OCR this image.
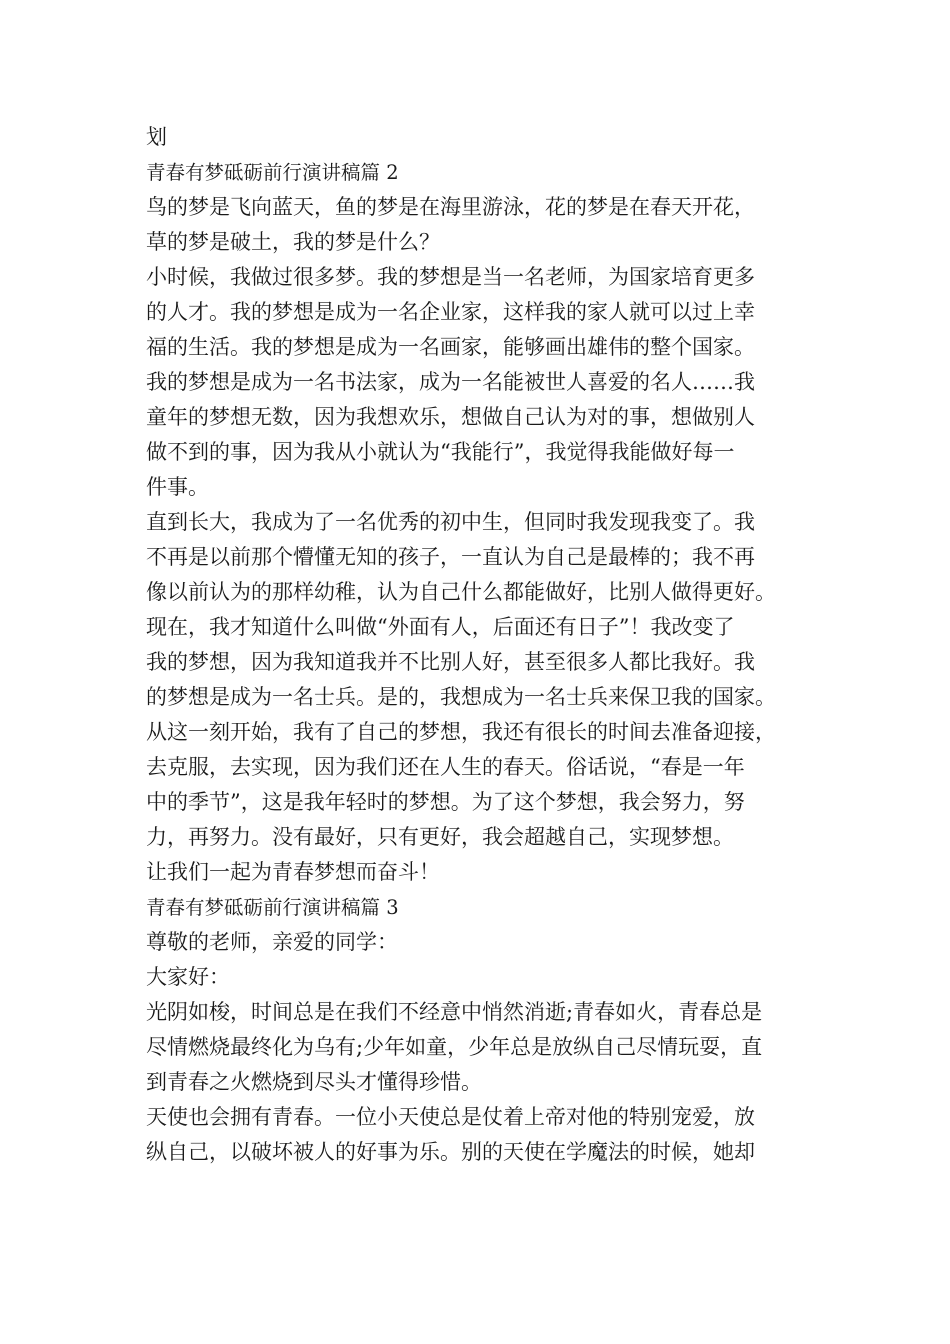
划
青春有梦砥砺前行演讲稿篇 2
鸟的梦是飞向蓝天，鱼的梦是在海里游泳，花的梦是在春天开花，
草的梦是破土，我的梦是什么？
小时候，我做过很多梦。我的梦想是当一名老师，为国家培育更多
的人才。我的梦想是成为一名企业家，这样我的家人就可以过上幸
福的生活。我的梦想是成为一名画家，能够画出雄伟的整个国家。
我的梦想是成为一名书法家，成为一名能被世人喜爱的名人……我
童年的梦想无数，因为我想欢乐，想做自己认为对的事，想做别人
做不到的事，因为我从小就认为“我能行”，我觉得我能做好每一
件事。
直到长大，我成为了一名优秀的初中生，但同时我发现我变了。我
不再是以前那个懵懂无知的孩子，一直认为自己是最棒的；我不再
像以前认为的那样幼稚，认为自己什么都能做好，比别人做得更好。
现在，我才知道什么叫做“外面有人，后面还有日子”！我改变了
我的梦想，因为我知道我并不比别人好，甚至很多人都比我好。我
的梦想是成为一名士兵。是的，我想成为一名士兵来保卫我的国家。
从这一刻开始，我有了自己的梦想，我还有很长的时间去准备迎接，
去克服，去实现，因为我们还在人生的春天。俗话说，“春是一年
中的季节”，这是我年轻时的梦想。为了这个梦想，我会努力，努
力，再努力。没有最好，只有更好，我会超越自己，实现梦想。
让我们一起为青春梦想而奋斗！
青春有梦砥砺前行演讲稿篇 3
尊敬的老师，亲爱的同学：
大家好：
光阴如梭，时间总是在我们不经意中悄然消逝;青春如火，青春总是
尽情燃烧最终化为乌有;少年如童，少年总是放纵自己尽情玩耍，直
到青春之火燃烧到尽头才懂得珍惜。
天使也会拥有青春。一位小天使总是仗着上帝对他的特别宠爱，放
纵自己，以破坏被人的好事为乐。别的天使在学魔法的时候，她却
